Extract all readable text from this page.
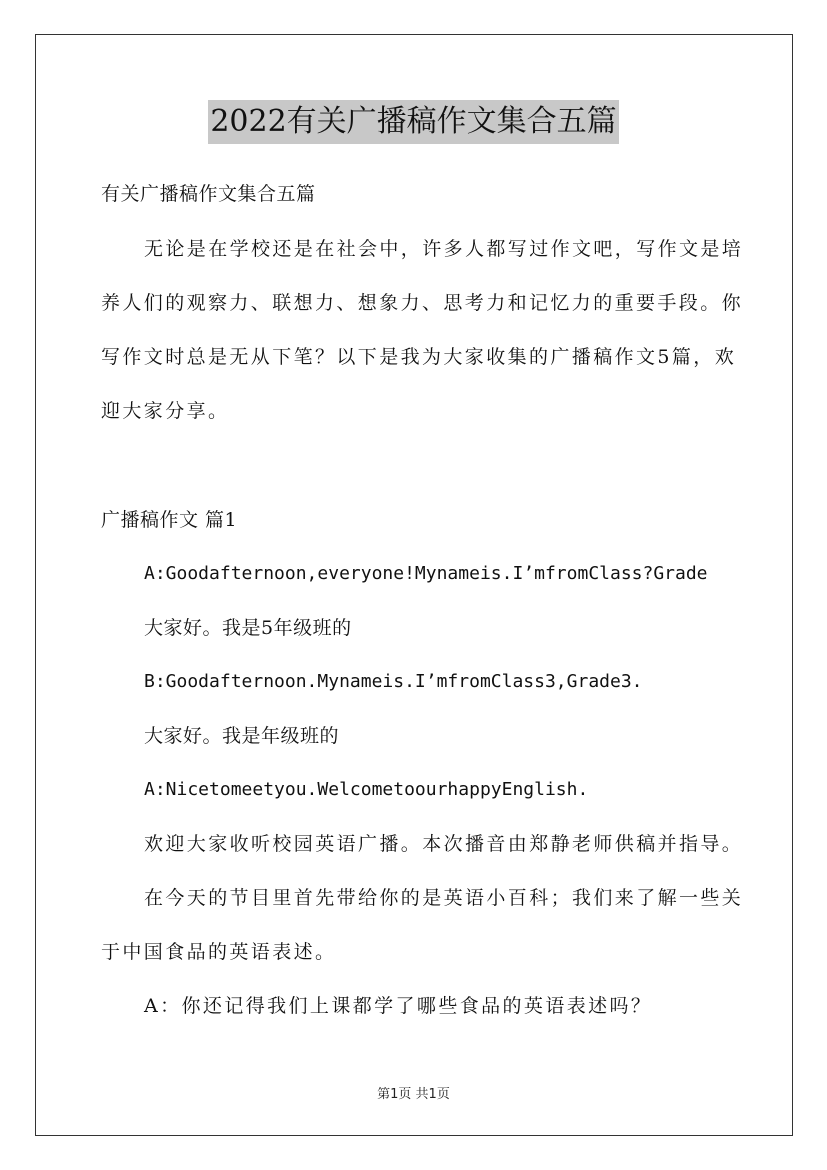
2022有关广播稿作文集合五篇
有关广播稿作文集合五篇
无论是在学校还是在社会中，许多人都写过作文吧，写作文是培
养人们的观察力、联想力、想象力、思考力和记忆力的重要手段。你
写作文时总是无从下笔？以下是我为大家收集的广播稿作文5篇，欢
迎大家分享。
广播稿作文 篇1
A:Goodafternoon,everyone!Mynameis.I’mfromClass?Grade
大家好。我是5年级班的
B:Goodafternoon.Mynameis.I’mfromClass3,Grade3.
大家好。我是年级班的
A:Nicetomeetyou.WelcometoourhappyEnglish.
欢迎大家收听校园英语广播。本次播音由郑静老师供稿并指导。
在今天的节目里首先带给你的是英语小百科；我们来了解一些关
于中国食品的英语表述。
A：你还记得我们上课都学了哪些食品的英语表述吗？
第1页 共1页
